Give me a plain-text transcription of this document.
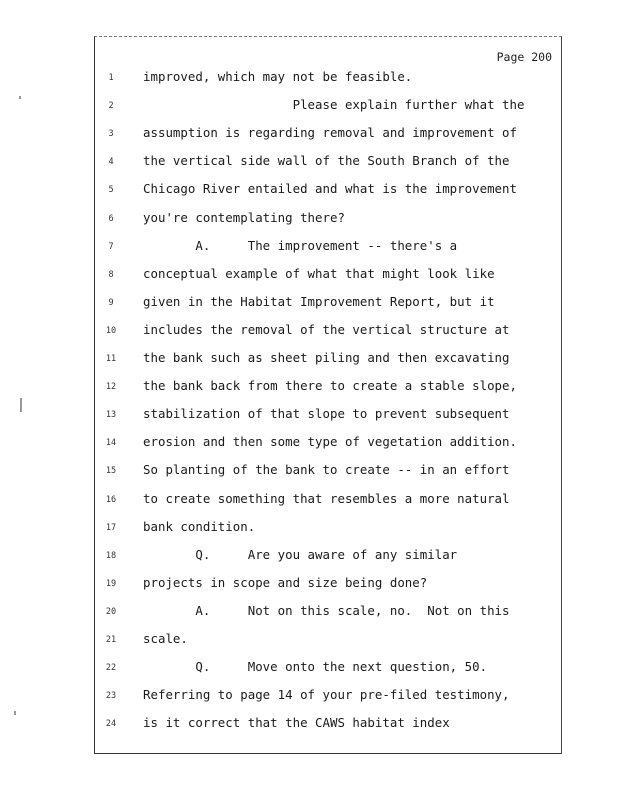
Page 200
1	improved, which may not be feasible.
2	Please explain further what the
3	assumption is regarding removal and improvement of
4	the vertical side wall of the South Branch of the
5	Chicago River entailed and what is the improvement
6	you're contemplating there?
7	A.     The improvement -- there's a
8	conceptual example of what that might look like
9	given in the Habitat Improvement Report, but it
10	includes the removal of the vertical structure at
11	the bank such as sheet piling and then excavating
12	the bank back from there to create a stable slope,
13	stabilization of that slope to prevent subsequent
14	erosion and then some type of vegetation addition.
15	So planting of the bank to create -- in an effort
16	to create something that resembles a more natural
17	bank condition.
18	Q.     Are you aware of any similar
19	projects in scope and size being done?
20	A.     Not on this scale, no.  Not on this
21	scale.
22	Q.     Move onto the next question, 50.
23	Referring to page 14 of your pre-filed testimony,
24	is it correct that the CAWS habitat index
